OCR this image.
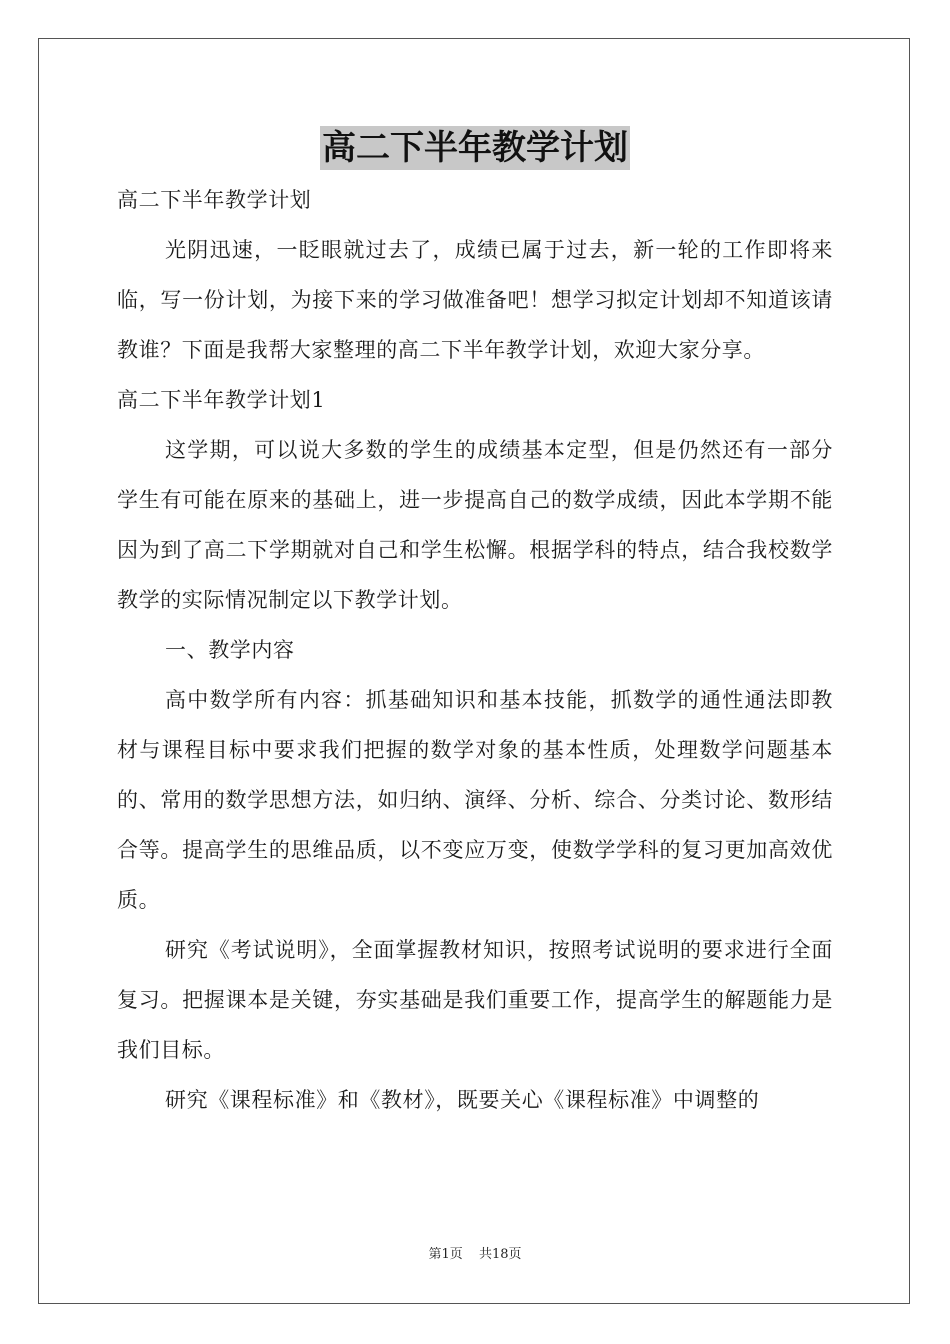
高二下半年教学计划

高二下半年教学计划

光阴迅速，一眨眼就过去了，成绩已属于过去，新一轮的工作即将来临，写一份计划，为接下来的学习做准备吧！想学习拟定计划却不知道该请教谁？下面是我帮大家整理的高二下半年教学计划，欢迎大家分享。

高二下半年教学计划1

这学期，可以说大多数的学生的成绩基本定型，但是仍然还有一部分学生有可能在原来的基础上，进一步提高自己的数学成绩，因此本学期不能因为到了高二下学期就对自己和学生松懈。根据学科的特点，结合我校数学教学的实际情况制定以下教学计划。

一、教学内容

高中数学所有内容：抓基础知识和基本技能，抓数学的通性通法即教材与课程目标中要求我们把握的数学对象的基本性质，处理数学问题基本的、常用的数学思想方法，如归纳、演绎、分析、综合、分类讨论、数形结合等。提高学生的思维品质，以不变应万变，使数学学科的复习更加高效优质。

研究《考试说明》，全面掌握教材知识，按照考试说明的要求进行全面复习。把握课本是关键，夯实基础是我们重要工作，提高学生的解题能力是我们目标。

研究《课程标准》和《教材》，既要关心《课程标准》中调整的

第1页 共18页
